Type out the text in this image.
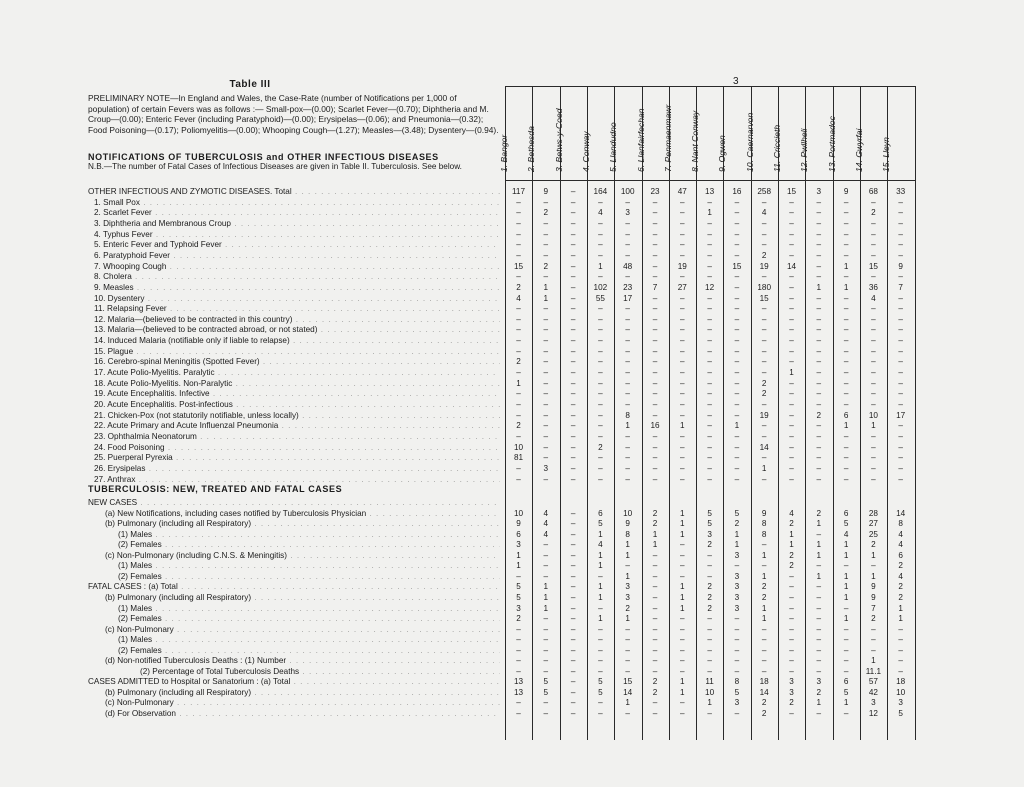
Table III	3
PRELIMINARY NOTE—In England and Wales, the Case-Rate (number of Notifications per 1,000 of population) of certain Fevers was as follows :— Small-pox—(0.00); Scarlet Fever—(0.70); Diphtheria and M. Croup—(0.00); Enteric Fever (including Paratyphoid)—(0.00); Erysipelas—(0.06); and Pneumonia—(0.32); Food Poisoning—(0.17); Poliomyelitis—(0.00); Whooping Cough—(1.27); Measles—(3.48); Dysentery—(0.94).
NOTIFICATIONS OF TUBERCULOSIS and OTHER INFECTIOUS DISEASES
N.B.—The number of Fatal Cases of Infectious Diseases are given in Table II. Tuberculosis. See below.
TUBERCULOSIS: NEW, TREATED AND FATAL CASES
1. Bangor 2. Bethesda 3. Betws-y-Coed 4. Conway 5. Llandudno 6. Llanfairfechan 7. Penmaenmawr 8. Nant Conway 9. Ogwen 10. Caernarvon 11. Criccieth 12. Pwllheli 13. Portmadoc 14. Gwyrfai 15. Lleyn
OTHER INFECTIOUS AND ZYMOTIC DISEASES. Total . . .	117	9	–	164	100	23	47	13	16	258	15	3	9	68	33
1. Small Pox . . .	–	–	–	–	–	–	–	–	–	–	–	–	–	–	–
2. Scarlet Fever . . .	–	2	–	4	3	–	–	1	–	4	–	–	–	2	–
3. Diphtheria and Membranous Croup . . .	–	–	–	–	–	–	–	–	–	–	–	–	–	–	–
4. Typhus Fever . . .	–	–	–	–	–	–	–	–	–	–	–	–	–	–	–
5. Enteric Fever and Typhoid Fever . . .	–	–	–	–	–	–	–	–	–	–	–	–	–	–	–
6. Paratyphoid Fever . . .	–	–	–	–	–	–	–	–	–	2	–	–	–	–	–
7. Whooping Cough . . .	15	2	–	1	48	–	19	–	15	19	14	–	1	15	9
8. Cholera . . .	–	–	–	–	–	–	–	–	–	–	–	–	–	–	–
9. Measles . . .	2	1	–	102	23	7	27	12	–	180	–	1	1	36	7
10. Dysentery . . .	4	1	–	55	17	–	–	–	–	15	–	–	–	4	–
11. Relapsing Fever . . .	–	–	–	–	–	–	–	–	–	–	–	–	–	–	–
12. Malaria—(believed to be contracted in this country) . . .	–	–	–	–	–	–	–	–	–	–	–	–	–	–	–
13. Malaria—(believed to be contracted abroad, or not stated) . . .	–	–	–	–	–	–	–	–	–	–	–	–	–	–	–
14. Induced Malaria (notifiable only if liable to relapse) . . .	–	–	–	–	–	–	–	–	–	–	–	–	–	–	–
15. Plague . . .	–	–	–	–	–	–	–	–	–	–	–	–	–	–	–
16. Cerebro-spinal Meningitis (Spotted Fever) . . .	2	–	–	–	–	–	–	–	–	–	–	–	–	–	–
17. Acute Polio-Myelitis. Paralytic . . .	–	–	–	–	–	–	–	–	–	–	1	–	–	–	–
18. Acute Polio-Myelitis. Non-Paralytic . . .	1	–	–	–	–	–	–	–	–	2	–	–	–	–	–
19. Acute Encephalitis. Infective . . .	–	–	–	–	–	–	–	–	–	2	–	–	–	–	–
20. Acute Encephalitis. Post-infectious . . .	–	–	–	–	–	–	–	–	–	–	–	–	–	–	–
21. Chicken-Pox (not statutorily notifiable, unless locally) . . .	–	–	–	–	8	–	–	–	–	19	–	2	6	10	17
22. Acute Primary and Acute Influenzal Pneumonia . . .	2	–	–	–	1	16	1	–	1	–	–	–	1	1	–
23. Ophthalmia Neonatorum . . .	–	–	–	–	–	–	–	–	–	–	–	–	–	–	–
24. Food Poisoning . . .	10	–	–	2	–	–	–	–	–	14	–	–	–	–	–
25. Puerperal Pyrexia . . .	81	–	–	–	–	–	–	–	–	–	–	–	–	–	–
26. Erysipelas . . .	–	3	–	–	–	–	–	–	–	1	–	–	–	–	–
27. Anthrax . . .	–	–	–	–	–	–	–	–	–	–	–	–	–	–	–
NEW CASES . . .
(a) New Notifications, including cases notified by Tuberculosis Physician . . .	10	4	–	6	10	2	1	5	5	9	4	2	6	28	14
(b) Pulmonary (including all Respiratory) . . .	9	4	–	5	9	2	1	5	2	8	2	1	5	27	8
(1) Males . . .	6	4	–	1	8	1	1	3	1	8	1	–	4	25	4
(2) Females . . .	3	–	–	4	1	1	–	2	1	–	1	1	1	2	4
(c) Non-Pulmonary (including C.N.S. & Meningitis) . . .	1	–	–	1	1	–	–	–	3	1	2	1	1	1	6
(1) Males . . .	1	–	–	1	–	–	–	–	–	–	2	–	–	–	2
(2) Females . . .	–	–	–	–	1	–	–	–	3	1	–	1	1	1	4
FATAL CASES : (a) Total . . .	5	1	–	1	3	–	1	2	3	2	–	–	1	9	2
(b) Pulmonary (including all Respiratory) . . .	5	1	–	1	3	–	1	2	3	2	–	–	1	9	2
(1) Males . . .	3	1	–	–	2	–	1	2	3	1	–	–	–	7	1
(2) Females . . .	2	–	–	1	1	–	–	–	–	1	–	–	1	2	1
(c) Non-Pulmonary . . .	–	–	–	–	–	–	–	–	–	–	–	–	–	–	–
(1) Males . . .	–	–	–	–	–	–	–	–	–	–	–	–	–	–	–
(2) Females . . .	–	–	–	–	–	–	–	–	–	–	–	–	–	–	–
(d) Non-notified Tuberculosis Deaths : (1) Number . . .	–	–	–	–	–	–	–	–	–	–	–	–	–	1	–
(2) Percentage of Total Tuberculosis Deaths . . .	–	–	–	–	–	–	–	–	–	–	–	–	–	11.1	–
CASES ADMITTED to Hospital or Sanatorium : (a) Total . . .	13	5	–	5	15	2	1	11	8	18	3	3	6	57	18
(b) Pulmonary (including all Respiratory) . . .	13	5	–	5	14	2	1	10	5	14	3	2	5	42	10
(c) Non-Pulmonary . . .	–	–	–	–	1	–	–	1	3	2	2	1	1	3	3
(d) For Observation . . .	–	–	–	–	–	–	–	–	–	2	–	–	–	12	5
